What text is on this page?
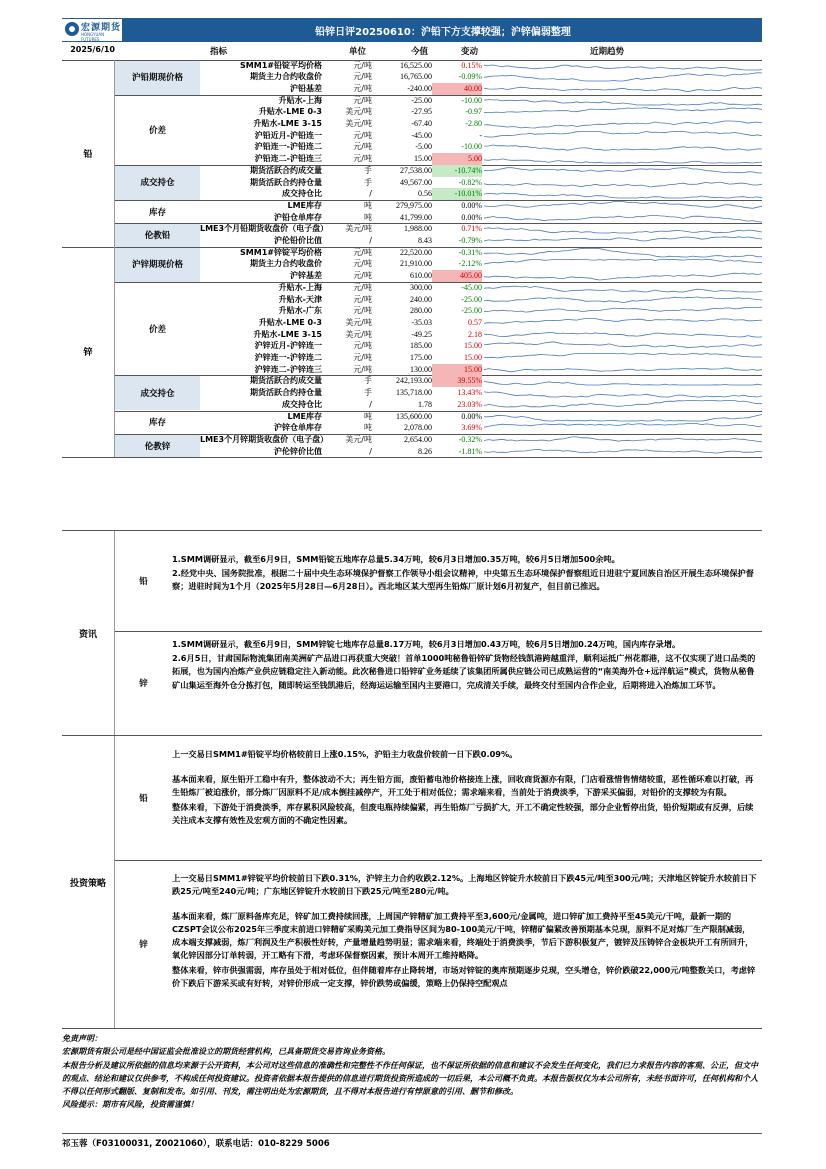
宏源期货
HONGYUAN FUTURES
铅锌日评20250610：沪铅下方支撑较强；沪锌偏弱整理
2025/6/10	指标	单位	今值	变动	近期趋势
铅
沪铅期现价格
SMM1#铅锭平均价格	元/吨	16,525.00	0.15%
期货主力合约收盘价	元/吨	16,765.00	-0.09%
沪铅基差	元/吨	-240.00	40.00
价差
升贴水-上海	元/吨	-25.00	-10.00
升贴水-LME 0-3	美元/吨	-27.95	-0.97
升贴水-LME 3-15	美元/吨	-67.40	-2.80
沪铅近月-沪铅连一	元/吨	-45.00	-
沪铅连一-沪铅连二	元/吨	-5.00	-10.00
沪铅连二-沪铅连三	元/吨	15.00	5.00
成交持仓
期货活跃合约成交量	手	27,538.00	-10.74%
期货活跃合约持仓量	手	49,567.00	-0.82%
成交持仓比	/	0.56	-10.01%
库存
LME库存	吨	279,975.00	0.00%
沪铅仓单库存	吨	41,799.00	0.00%
伦教铅
LME3个月铅期货收盘价（电子盘）	美元/吨	1,988.00	0.71%
沪伦铅价比值	/	8.43	-0.79%
锌
沪锌期现价格
SMM1#锌锭平均价格	元/吨	22,520.00	-0.31%
期货主力合约收盘价	元/吨	21,910.00	-2.12%
沪锌基差	元/吨	610.00	405.00
价差
升贴水-上海	元/吨	300.00	-45.00
升贴水-天津	元/吨	240.00	-25.00
升贴水-广东	元/吨	280.00	-25.00
升贴水-LME 0-3	美元/吨	-35.03	0.57
升贴水-LME 3-15	美元/吨	-49.25	2.18
沪锌近月-沪锌连一	元/吨	185.00	15.00
沪锌连一-沪锌连二	元/吨	175.00	15.00
沪锌连二-沪锌连三	元/吨	130.00	15.00
成交持仓
期货活跃合约成交量	手	242,193.00	39.55%
期货活跃合约持仓量	手	135,718.00	13.43%
成交持仓比	/	1.78	23.03%
库存
LME库存	吨	135,600.00	0.00%
沪锌仓单库存	吨	2,078.00	3.69%
伦教锌
LME3个月锌期货收盘价（电子盘）	美元/吨	2,654.00	-0.32%
沪伦锌价比值	/	8.26	-1.81%
资讯
铅
锌

1.SMM调研显示，截至6月9日，SMM铅锭五地库存总量5.34万吨，较6月3日增加0.35万吨，较6月5日增加500余吨。

2.经党中央、国务院批准，根据二十届中央生态环境保护督察工作领导小组会议精神，中央第五生态环境保护督察组近日进驻宁夏回族自治区开展生态环境保护督察；进驻时间为1个月（2025年5月28日—6月28日）。西北地区某大型再生铅炼厂原计划6月初复产，但目前已推迟。

1.SMM调研显示，截至6月9日，SMM锌锭七地库存总量8.17万吨，较6月3日增加0.43万吨，较6月5日增加0.24万吨，国内库存录增。

2.6月5日，甘肃国际物流集团南美洲矿产品进口再获重大突破！首单1000吨秘鲁铅锌矿货物经钱凯港跨越重洋，顺利运抵广州花都港，这不仅实现了进口品类的拓展，也为国内冶炼产业供应链稳定注入新动能。此次秘鲁进口铅锌矿业务延续了该集团所属供应链公司已成熟运营的“南美海外仓+远洋航运”模式，货物从秘鲁矿山集运至海外仓分拣打包，随即转运至钱凯港后，经海运运输至国内主要港口，完成清关手续，最终交付至国内合作企业，后期将进入冶炼加工环节。

投资策略
铅
锌

上一交易日SMM1#铅锭平均价格较前日上涨0.15%，沪铅主力收盘价较前一日下跌0.09%。

基本面来看，原生铅开工稳中有升，整体波动不大；再生铅方面，废铅蓄电池价格接连上涨，回收商货源亦有限，门店看涨惜售情绪较重，恶性循环难以打破，再生铅炼厂被迫涨价，部分炼厂因原料不足/成本倒挂减停产，开工处于相对低位；需求端来看，当前处于消费淡季，下游采买偏弱，对铅价的支撑较为有限。

整体来看，下游处于消费淡季，库存累积风险较高，但废电瓶持续偏紧，再生铅炼厂亏损扩大，开工不确定性较强，部分企业暂停出货，铅价短期或有反弹，后续关注成本支撑有效性及宏观方面的不确定性因素。

上一交易日SMM1#锌锭平均价较前日下跌0.31%，沪锌主力合约收跌2.12%。上海地区锌锭升水较前日下跌45元/吨至300元/吨；天津地区锌锭升水较前日下跌25元/吨至240元/吨；广东地区锌锭升水较前日下跌25元/吨至280元/吨。

基本面来看，炼厂原料备库充足，锌矿加工费持续回涨，上周国产锌精矿加工费持平至3,600元/金属吨，进口锌矿加工费持平至45美元/干吨，最新一期的CZSPT会议公布2025年三季度末前进口锌精矿采购美元加工费指导区间为80-100美元/干吨，锌精矿偏紧改善预期基本兑现，原料不足对炼厂生产限制减弱，成本端支撑减弱，炼厂利润及生产积极性好转，产量增量趋势明显；需求端来看，终端处于消费淡季，节后下游积极复产，镀锌及压铸锌合金板块开工有所回升，氧化锌因部分订单转弱，开工略有下滑，考虑环保督察因素，预计本周开工维持略降。

整体来看，锌市供强需弱，库存虽处于相对低位，但伴随着库存止降转增，市场对锌锭的奥库预期逐步兑现，空头增仓，锌价跌破22,000元/吨整数关口，考虑锌价下跌后下游采买或有好转，对锌价形成一定支撑，锌价跌势或偏缓，策略上仍保持空配观点

免责声明：
宏源期货有限公司是经中国证监会批准设立的期货经营机构，已具备期货交易咨询业务资格。
本报告分析及建议所依据的信息均来源于公开资料，本公司对这些信息的准确性和完整性不作任何保证，也不保证所依据的信息和建议不会发生任何变化，我们已力求报告内容的客观、公正，但文中的观点、结论和建议仅供参考，不构成任何投资建议。投资者依据本报告提供的信息进行期货投资所造成的一切后果，本公司概不负责。本报告版权仅为本公司所有，未经书面许可，任何机构和个人不得以任何形式翻版、复制和发布。如引用、刊发，需注明出处为宏源期货，且不得对本报告进行有悖原意的引用、删节和修改。
风险提示：期市有风险，投资需谨慎！
祁玉蓉（F03100031, Z0021060），联系电话：010-8229 5006
